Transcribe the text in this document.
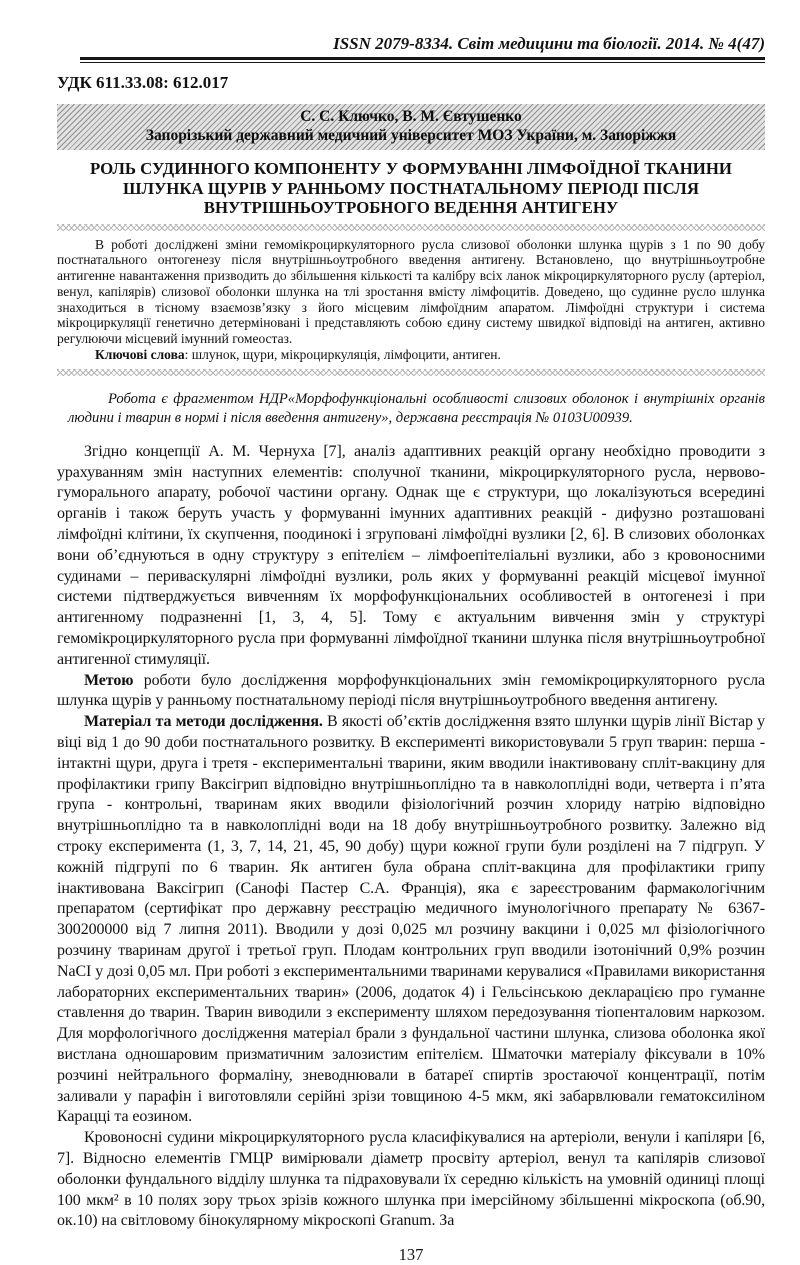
ISSN 2079-8334. Світ медицини та біології. 2014. № 4(47)
УДК 611.33.08: 612.017
С. С. Ключко, В. М. Євтушенко
Запорізький державний медичний університет МОЗ України, м. Запоріжжя
РОЛЬ СУДИННОГО КОМПОНЕНТУ У ФОРМУВАННІ ЛІМФОЇДНОЇ ТКАНИНИ
ШЛУНКА ЩУРІВ У РАННЬОМУ ПОСТНАТАЛЬНОМУ ПЕРІОДІ ПІСЛЯ
ВНУТРІШНЬОУТРОБНОГО ВЕДЕННЯ АНТИГЕНУ

В роботі досліджені зміни гемомікроциркуляторного русла слизової оболонки шлунка щурів з 1 по 90 добу постнатального онтогенезу після внутрішньоутробного введення антигену. Встановлено, що внутрішньоутробне антигенне навантаження призводить до збільшення кількості та калібру всіх ланок мікроциркуляторного руслу (артеріол, венул, капілярів) слизової оболонки шлунка на тлі зростання вмісту лімфоцитів. Доведено, що судинне русло шлунка знаходиться в тісному взаємозв’язку з його місцевим лімфоїдним апаратом. Лімфоїдні структури і система мікроциркуляції генетично детерміновані і представляють собою єдину систему швидкої відповіді на антиген, активно регулюючи місцевий імунний гомеостаз.

Ключові слова: шлунок, щури, мікроциркуляція, лімфоцити, антиген.

Робота є фрагментом НДР«Морфофункціональні особливості слизових оболонок і внутрішніх органів людини і тварин в нормі і після введення антигену», державна реєстрація № 0103U00939.

Згідно концепції А. М. Чернуха [7], аналіз адаптивних реакцій органу необхідно проводити з урахуванням змін наступних елементів: сполучної тканини, мікроциркуляторного русла, нервово-гуморального апарату, робочої частини органу. Однак ще є структури, що локалізуються всередині органів і також беруть участь у формуванні імунних адаптивних реакцій - дифузно розташовані лімфоїдні клітини, їх скупчення, поодинокі і згруповані лімфоїдні вузлики [2, 6]. В слизових оболонках вони об’єднуються в одну структуру з епітелієм – лімфоепітеліальні вузлики, або з кровоносними судинами – периваскулярні лімфоїдні вузлики, роль яких у формуванні реакцій місцевої імунної системи підтверджується вивченням їх морфофункціональних особливостей в онтогенезі і при антигенному подразненні [1, 3, 4, 5]. Тому є актуальним вивчення змін у структурі гемомікроциркуляторного русла при формуванні лімфоїдної тканини шлунка після внутрішньоутробної антигенної стимуляції.

Метою роботи було дослідження морфофункціональних змін гемомікроциркуляторного русла шлунка щурів у ранньому постнатальному періоді після внутрішньоутробного введення антигену.

Матеріал та методи дослідження. В якості об’єктів дослідження взято шлунки щурів лінії Вістар у віці від 1 до 90 доби постнатального розвитку. В експерименті використовували 5 груп тварин: перша - інтактні щури, друга і третя - експериментальні тварини, яким вводили інактивовану спліт-вакцину для профілактики грипу Ваксігрип відповідно внутрішньоплідно та в навколоплідні води, четверта і п’ята група - контрольні, тваринам яких вводили фізіологічний розчин хлориду натрію відповідно внутрішньоплідно та в навколоплідні води на 18 добу внутрішньоутробного розвитку. Залежно від строку експеримента (1, 3, 7, 14, 21, 45, 90 добу) щури кожної групи були розділені на 7 підгруп. У кожній підгрупі по 6 тварин. Як антиген була обрана спліт-вакцина для профілактики грипу інактивована Ваксігрип (Санофі Пастер С.А. Франція), яка є зареєстрованим фармакологічним препаратом (сертифікат про державну реєстрацію медичного імунологічного препарату № 6367-300200000 від 7 липня 2011). Вводили у дозі 0,025 мл розчину вакцини і 0,025 мл фізіологічного розчину тваринам другої і третьої груп. Плодам контрольних груп вводили ізотонічний 0,9% розчин NaCI у дозі 0,05 мл. При роботі з експериментальними тваринами керувалися «Правилами використання лабораторних експериментальних тварин» (2006, додаток 4) і Гельсінською декларацією про гуманне ставлення до тварин. Тварин виводили з експерименту шляхом передозування тіопенталовим наркозом. Для морфологічного дослідження матеріал брали з фундальної частини шлунка, слизова оболонка якої вистлана одношаровим призматичним залозистим епітелієм. Шматочки матеріалу фіксували в 10% розчині нейтрального формаліну, зневоднювали в батареї спиртів зростаючої концентрації, потім заливали у парафін і виготовляли серійні зрізи товщиною 4-5 мкм, які забарвлювали гематоксиліном Карацці та еозином.

Кровоносні судини мікроциркуляторного русла класифікувалися на артеріоли, венули і капіляри [6, 7]. Відносно елементів ГМЦР вимірювали діаметр просвіту артеріол, венул та капілярів слизової оболонки фундального відділу шлунка та підраховували їх середню кількість на умовній одиниці площі 100 мкм² в 10 полях зору трьох зрізів кожного шлунка при імерсійному збільшенні мікроскопа (об.90, ок.10) на світловому бінокулярному мікроскопі Granum. За

137
